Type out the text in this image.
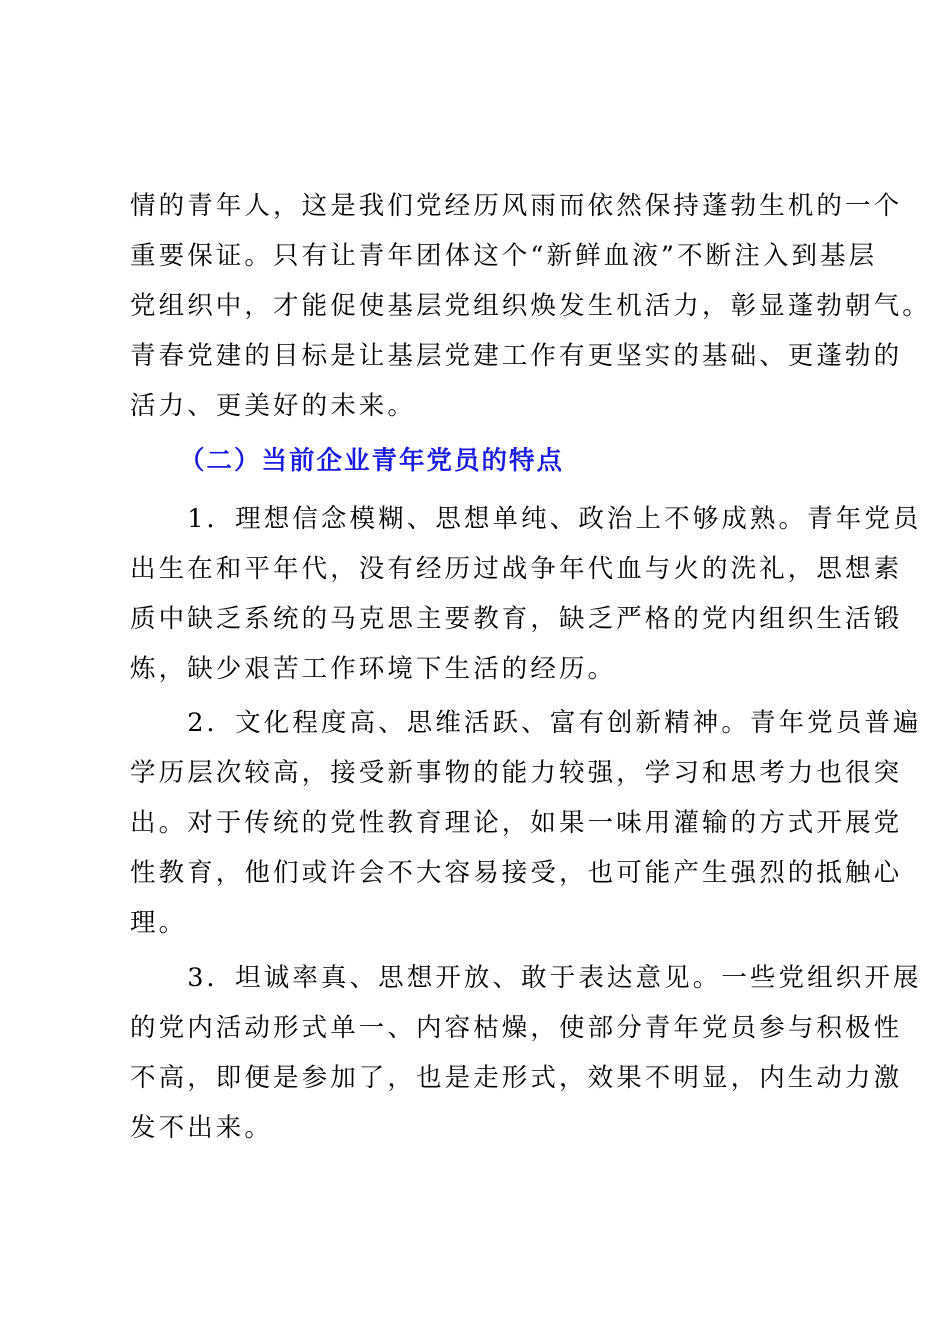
情的青年人，这是我们党经历风雨而依然保持蓬勃生机的一个
重要保证。只有让青年团体这个“新鲜血液”不断注入到基层
党组织中，才能促使基层党组织焕发生机活力，彰显蓬勃朝气。
青春党建的目标是让基层党建工作有更坚实的基础、更蓬勃的
活力、更美好的未来。
（二）当前企业青年党员的特点
　　1．理想信念模糊、思想单纯、政治上不够成熟。青年党员
出生在和平年代，没有经历过战争年代血与火的洗礼，思想素
质中缺乏系统的马克思主要教育，缺乏严格的党内组织生活锻
炼，缺少艰苦工作环境下生活的经历。
　　2．文化程度高、思维活跃、富有创新精神。青年党员普遍
学历层次较高，接受新事物的能力较强，学习和思考力也很突
出。对于传统的党性教育理论，如果一味用灌输的方式开展党
性教育，他们或许会不大容易接受，也可能产生强烈的抵触心
理。
　　3．坦诚率真、思想开放、敢于表达意见。一些党组织开展
的党内活动形式单一、内容枯燥，使部分青年党员参与积极性
不高，即便是参加了，也是走形式，效果不明显，内生动力激
发不出来。
